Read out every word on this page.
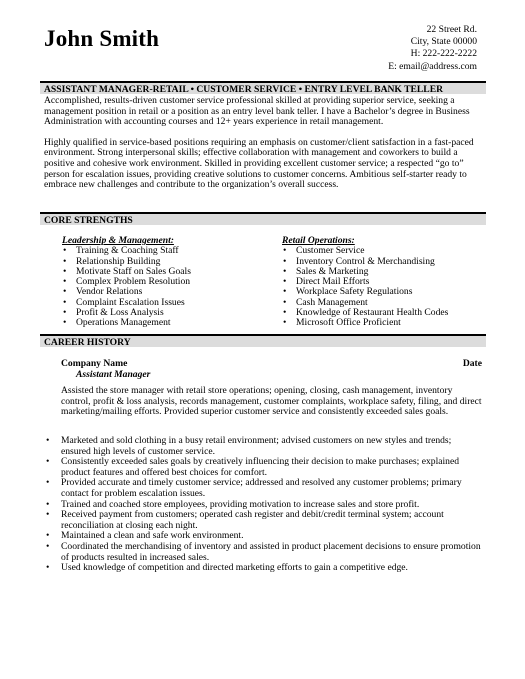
John Smith	22 Street Rd.
City, State 00000
H: 222-222-2222
E: email@address.com
ASSISTANT MANAGER-RETAIL • CUSTOMER SERVICE • ENTRY LEVEL BANK TELLER

Accomplished, results-driven customer service professional skilled at providing superior service, seeking a management position in retail or a position as an entry level bank teller. I have a Bachelor’s degree in Business Administration with accounting courses and 12+ years experience in retail management.

Highly qualified in service-based positions requiring an emphasis on customer/client satisfaction in a fast-paced environment. Strong interpersonal skills; effective collaboration with management and coworkers to build a positive and cohesive work environment. Skilled in providing excellent customer service; a respected “go to” person for escalation issues, providing creative solutions to customer concerns. Ambitious self-starter ready to embrace new challenges and contribute to the organization’s overall success.

CORE STRENGTHS
Leadership & Management:
• Training & Coaching Staff
• Relationship Building
• Motivate Staff on Sales Goals
• Complex Problem Resolution
• Vendor Relations
• Complaint Escalation Issues
• Profit & Loss Analysis
• Operations Management
Retail Operations:
• Customer Service
• Inventory Control & Merchandising
• Sales & Marketing
• Direct Mail Efforts
• Workplace Safety Regulations
• Cash Management
• Knowledge of Restaurant Health Codes
• Microsoft Office Proficient
CAREER HISTORY
Company Name	Date
Assistant Manager
Assisted the store manager with retail store operations; opening, closing, cash management, inventory control, profit & loss analysis, records management, customer complaints, workplace safety, filing, and direct marketing/mailing efforts. Provided superior customer service and consistently exceeded sales goals.
• Marketed and sold clothing in a busy retail environment; advised customers on new styles and trends; ensured high levels of customer service.
• Consistently exceeded sales goals by creatively influencing their decision to make purchases; explained product features and offered best choices for comfort.
• Provided accurate and timely customer service; addressed and resolved any customer problems; primary contact for problem escalation issues.
• Trained and coached store employees, providing motivation to increase sales and store profit.
• Received payment from customers; operated cash register and debit/credit terminal system; account reconciliation at closing each night.
• Maintained a clean and safe work environment.
• Coordinated the merchandising of inventory and assisted in product placement decisions to ensure promotion of products resulted in increased sales.
• Used knowledge of competition and directed marketing efforts to gain a competitive edge.
